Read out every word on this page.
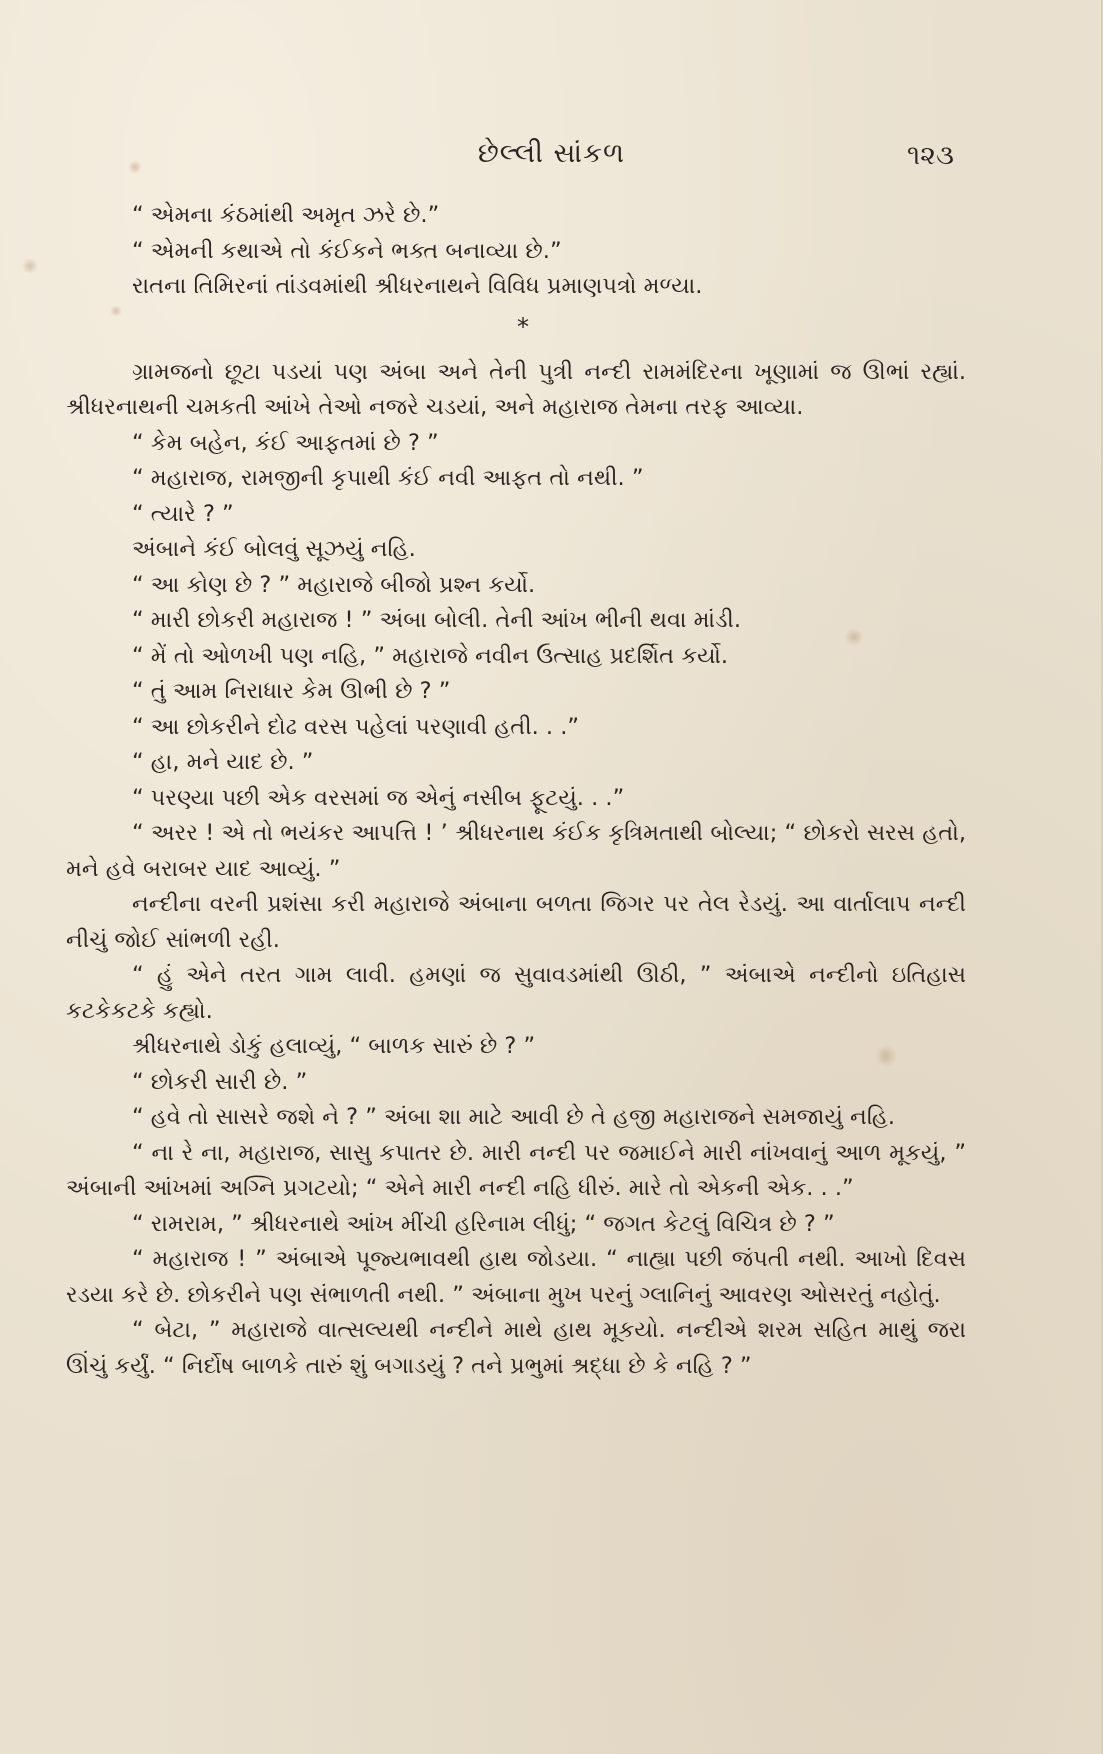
છેલ્લી સાંકળ	૧૨૩

“ એમના કંઠમાંથી અમૃત ઝરે છે.”

“ એમની કથાએ તો કંઈકને ભક્ત બનાવ્યા છે.”

રાતના તિમિરનાં તાંડવમાંથી શ્રીધરનાથને વિવિધ પ્રમાણપત્રો મળ્યા.

*

ગ્રામજનો છૂટા પડયાં પણ અંબા અને તેની પુત્રી નન્દી રામમંદિરના ખૂણામાં જ ઊભાં રહ્યાં. શ્રીધરનાથની ચમકતી આંખે તેઓ નજરે ચડયાં, અને મહારાજ તેમના તરફ આવ્યા.

“ કેમ બહેન, કંઈ આફતમાં છે ? ”

“ મહારાજ, રામજીની કૃપાથી કંઈ નવી આફત તો નથી. ”

“ ત્યારે ? ”

અંબાને કંઈ બોલવું સૂઝયું નહિ.

“ આ કોણ છે ? ” મહારાજે બીજો પ્રશ્ન કર્યો.

“ મારી છોકરી મહારાજ ! ” અંબા બોલી. તેની આંખ ભીની થવા માંડી.

“ મેં તો ઓળખી પણ નહિ, ” મહારાજે નવીન ઉત્સાહ પ્રદર્શિત કર્યો.

“ તું આમ નિરાધાર કેમ ઊભી છે ? ”

“ આ છોકરીને દોઢ વરસ પહેલાં પરણાવી હતી. . .”

“ હા, મને યાદ છે. ”

“ પરણ્યા પછી એક વરસમાં જ એનું નસીબ ફૂટયું. . .”

“ અરર ! એ તો ભયંકર આપત્તિ ! ’ શ્રીધરનાથ કંઈક કૃત્રિમતાથી બોલ્યા; “ છોકરો સરસ હતો, મને હવે બરાબર યાદ આવ્યું. ”

નન્દીના વરની પ્રશંસા કરી મહારાજે અંબાના બળતા જિગર પર તેલ રેડયું. આ વાર્તાલાપ નન્દી નીચું જોઈ સાંભળી રહી.

“ હું એને તરત ગામ લાવી. હમણાં જ સુવાવડમાંથી ઊઠી, ” અંબાએ નન્દીનો ઇતિહાસ કટકેકટકે કહ્યો.

શ્રીધરનાથે ડોકું હલાવ્યું, “ બાળક સારું છે ? ”

“ છોકરી સારી છે. ”

“ હવે તો સાસરે જશે ને ? ” અંબા શા માટે આવી છે તે હજી મહારાજને સમજાયું નહિ.

“ ના રે ના, મહારાજ, સાસુ કપાતર છે. મારી નન્દી પર જમાઈને મારી નાંખવાનું આળ મૂકયું, ” અંબાની આંખમાં અગ્નિ પ્રગટયો; “ એને મારી નન્દી નહિ ધીરું. મારે તો એકની એક. . .”

“ રામરામ, ” શ્રીધરનાથે આંખ મીંચી હરિનામ લીધું; “ જગત કેટલું વિચિત્ર છે ? ”

“ મહારાજ ! ” અંબાએ પૂજ્યભાવથી હાથ જોડયા. “ નાહ્યા પછી જંપતી નથી. આખો દિવસ રડયા કરે છે. છોકરીને પણ સંભાળતી નથી. ” અંબાના મુખ પરનું ગ્લાનિનું આવરણ ઓસરતું નહોતું.

“ બેટા, ” મહારાજે વાત્સલ્યથી નન્દીને માથે હાથ મૂકયો. નન્દીએ શરમ સહિત માથું જરા ઊંચું કર્યું. “ નિર્દોષ બાળકે તારું શું બગાડયું ? તને પ્રભુમાં શ્રદ્ધા છે કે નહિ ? ”
